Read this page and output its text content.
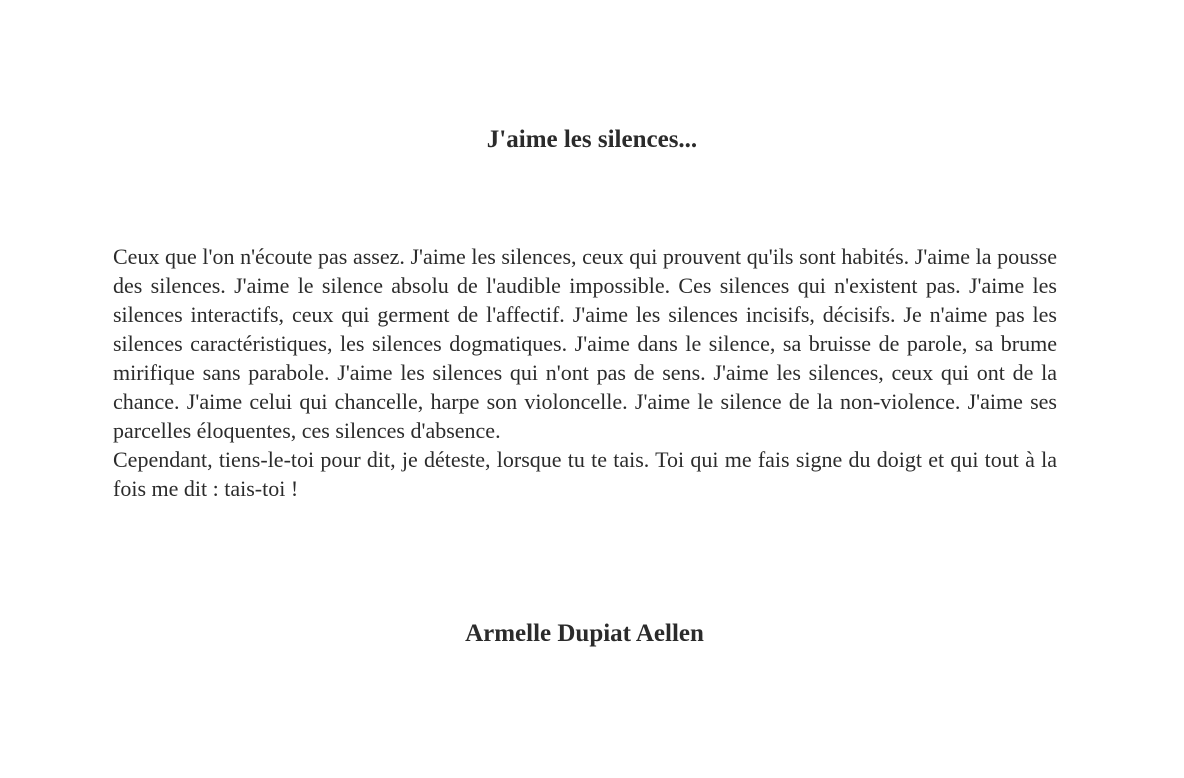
J'aime les silences...

Ceux que l'on n'écoute pas assez. J'aime les silences, ceux qui prouvent qu'ils sont habités. J'aime la pousse des silences. J'aime le silence absolu de l'audible impossible. Ces silences qui n'existent pas. J'aime les silences interactifs, ceux qui germent de l'affectif. J'aime les silences incisifs, décisifs. Je n'aime pas les silences caractéristiques, les silences dogmatiques. J'aime dans le silence, sa bruisse de parole, sa brume mirifique sans parabole. J'aime les silences qui n'ont pas de sens. J'aime les silences, ceux qui ont de la chance. J'aime celui qui chancelle, harpe son violoncelle. J'aime le silence de la non-violence. J'aime ses parcelles éloquentes, ces silences d'absence.

Cependant, tiens-le-toi pour dit, je déteste, lorsque tu te tais. Toi qui me fais signe du doigt et qui tout à la fois me dit : tais-toi !

Armelle Dupiat Aellen
